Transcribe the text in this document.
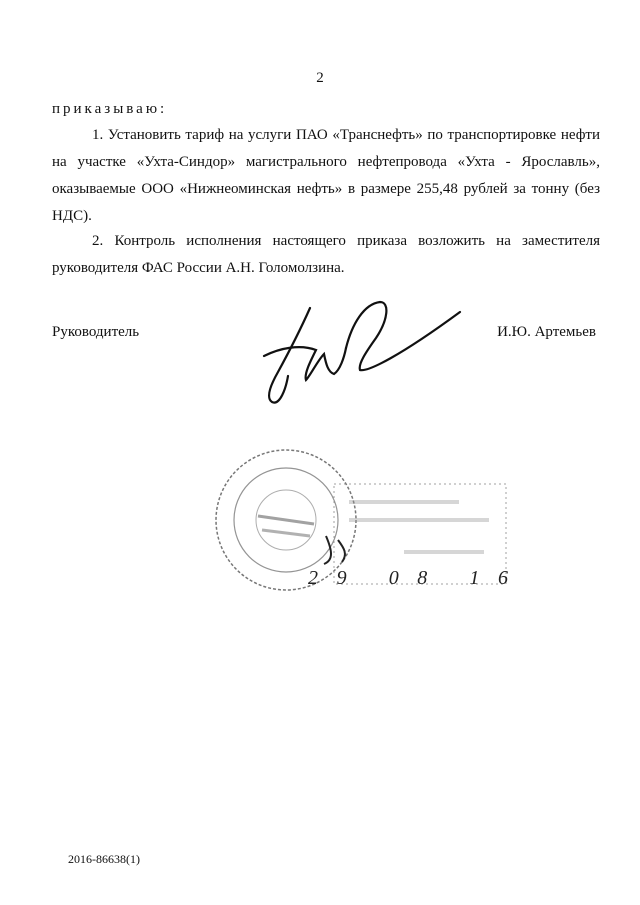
2
приказываю:
1. Установить тариф на услуги ПАО «Транснефть» по транспортировке нефти на участке «Ухта-Синдор» магистрального нефтепровода «Ухта - Ярославль», оказываемые ООО «Нижнеоминская нефть» в размере 255,48 рублей за тонну (без НДС).
2. Контроль исполнения настоящего приказа возложить на заместителя руководителя ФАС России А.Н. Голомолзина.
Руководитель	И.Ю. Артемьев
29 08 16
2016-86638(1)
